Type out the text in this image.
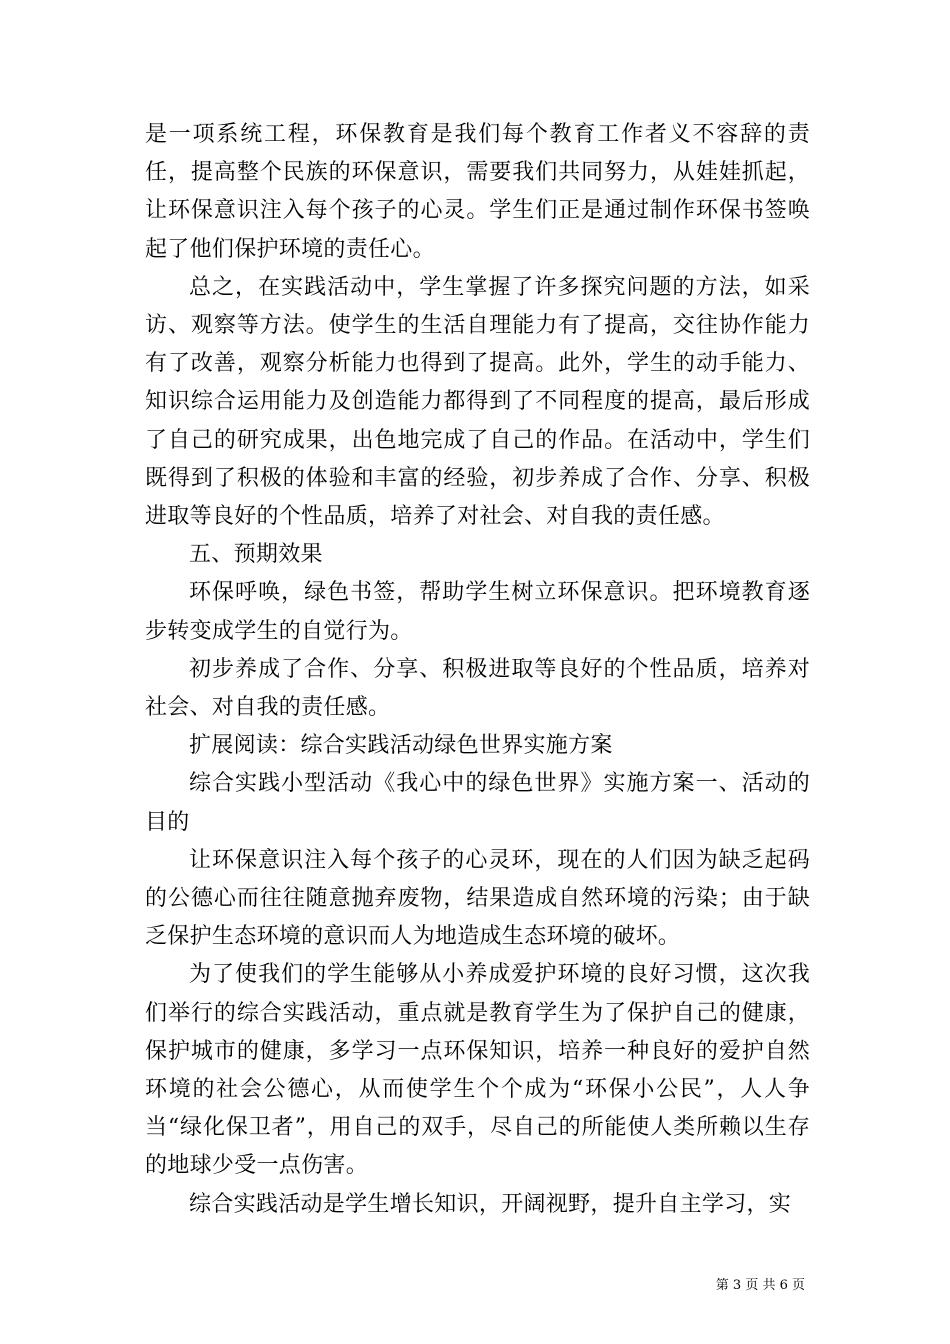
是一项系统工程，环保教育是我们每个教育工作者义不容辞的责任，提高整个民族的环保意识，需要我们共同努力，从娃娃抓起，让环保意识注入每个孩子的心灵。学生们正是通过制作环保书签唤起了他们保护环境的责任心。

总之，在实践活动中，学生掌握了许多探究问题的方法，如采访、观察等方法。使学生的生活自理能力有了提高，交往协作能力有了改善，观察分析能力也得到了提高。此外，学生的动手能力、知识综合运用能力及创造能力都得到了不同程度的提高，最后形成了自己的研究成果，出色地完成了自己的作品。在活动中，学生们既得到了积极的体验和丰富的经验，初步养成了合作、分享、积极进取等良好的个性品质，培养了对社会、对自我的责任感。

五、预期效果

环保呼唤，绿色书签，帮助学生树立环保意识。把环境教育逐步转变成学生的自觉行为。

初步养成了合作、分享、积极进取等良好的个性品质，培养对社会、对自我的责任感。

扩展阅读：综合实践活动绿色世界实施方案

综合实践小型活动《我心中的绿色世界》实施方案一、活动的目的

让环保意识注入每个孩子的心灵环，现在的人们因为缺乏起码的公德心而往往随意抛弃废物，结果造成自然环境的污染；由于缺乏保护生态环境的意识而人为地造成生态环境的破坏。

为了使我们的学生能够从小养成爱护环境的良好习惯，这次我们举行的综合实践活动，重点就是教育学生为了保护自己的健康，保护城市的健康，多学习一点环保知识，培养一种良好的爱护自然环境的社会公德心，从而使学生个个成为“环保小公民”，人人争当“绿化保卫者”，用自己的双手，尽自己的所能使人类所赖以生存的地球少受一点伤害。

综合实践活动是学生增长知识，开阔视野，提升自主学习，实

第 3 页 共 6 页
